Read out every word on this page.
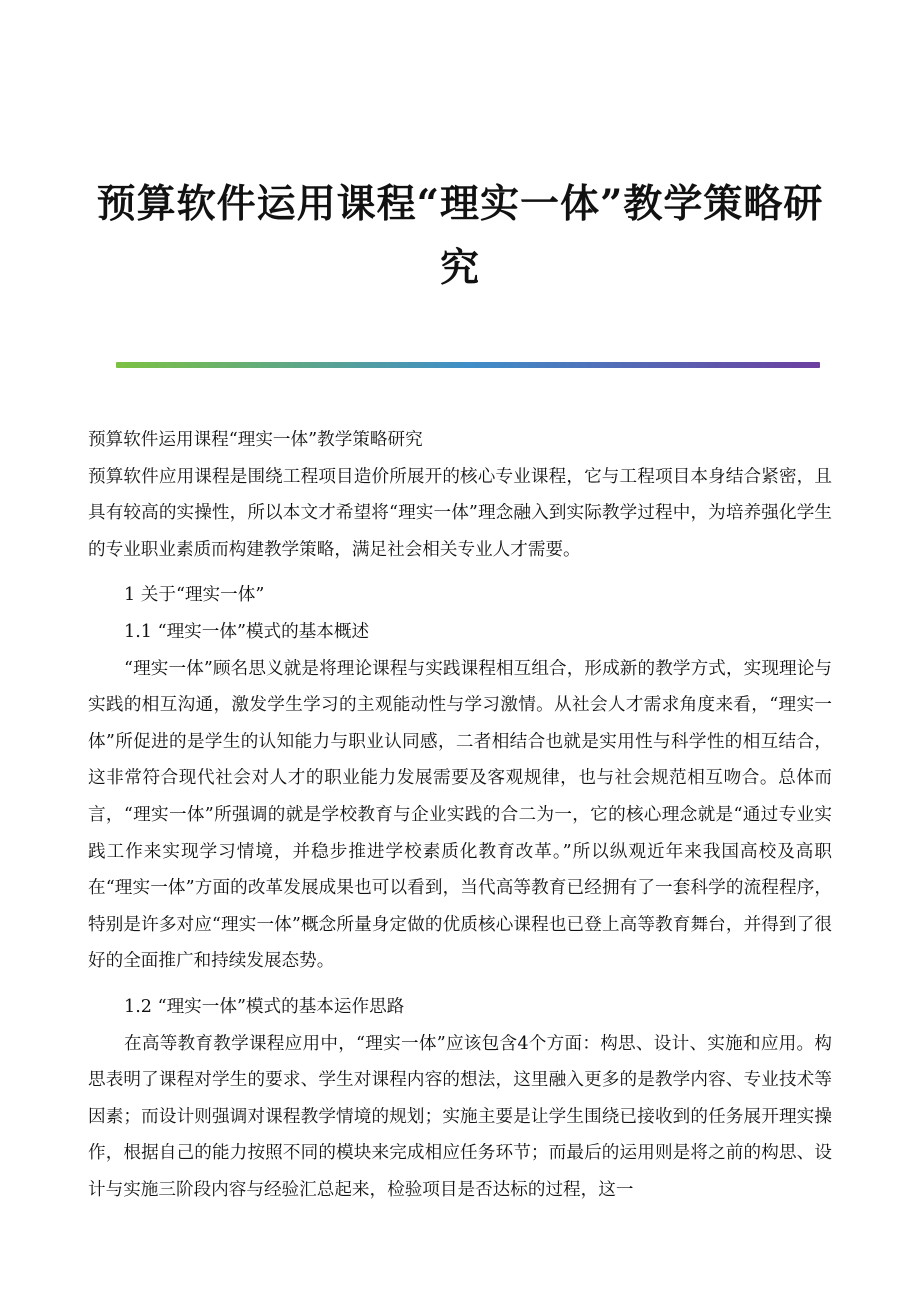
预算软件运用课程“理实一体”教学策略研究

预算软件运用课程“理实一体”教学策略研究

预算软件应用课程是围绕工程项目造价所展开的核心专业课程，它与工程项目本身结合紧密，且具有较高的实操性，所以本文才希望将“理实一体”理念融入到实际教学过程中，为培养强化学生的专业职业素质而构建教学策略，满足社会相关专业人才需要。

1 关于“理实一体”

1.1 “理实一体”模式的基本概述

“理实一体”顾名思义就是将理论课程与实践课程相互组合，形成新的教学方式，实现理论与实践的相互沟通，激发学生学习的主观能动性与学习激情。从社会人才需求角度来看，“理实一体”所促进的是学生的认知能力与职业认同感，二者相结合也就是实用性与科学性的相互结合，这非常符合现代社会对人才的职业能力发展需要及客观规律，也与社会规范相互吻合。总体而言，“理实一体”所强调的就是学校教育与企业实践的合二为一，它的核心理念就是“通过专业实践工作来实现学习情境，并稳步推进学校素质化教育改革。”所以纵观近年来我国高校及高职在“理实一体”方面的改革发展成果也可以看到，当代高等教育已经拥有了一套科学的流程程序，特别是许多对应“理实一体”概念所量身定做的优质核心课程也已登上高等教育舞台，并得到了很好的全面推广和持续发展态势。

1.2 “理实一体”模式的基本运作思路

在高等教育教学课程应用中，“理实一体”应该包含4个方面：构思、设计、实施和应用。构思表明了课程对学生的要求、学生对课程内容的想法，这里融入更多的是教学内容、专业技术等因素；而设计则强调对课程教学情境的规划；实施主要是让学生围绕已接收到的任务展开理实操作，根据自己的能力按照不同的模块来完成相应任务环节；而最后的运用则是将之前的构思、设计与实施三阶段内容与经验汇总起来，检验项目是否达标的过程，这一
